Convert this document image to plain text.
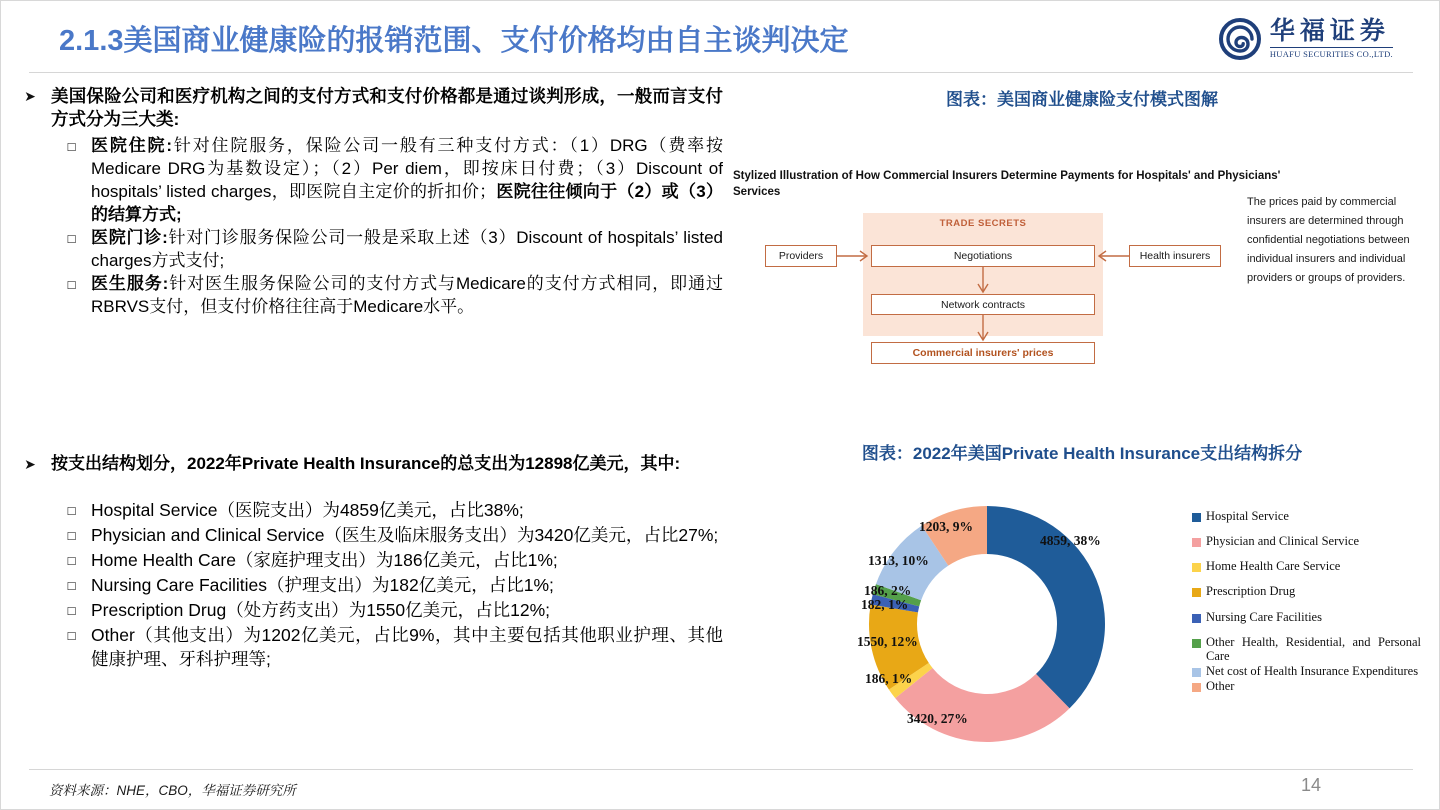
2.1.3美国商业健康险的报销范围、支付价格均由自主谈判决定	华福证券
HUAFU SECURITIES CO.,LTD.
➤ 美国保险公司和医疗机构之间的支付方式和支付价格都是通过谈判形成，一般而言支付方式分为三大类:
□ 医院住院:针对住院服务，保险公司一般有三种支付方式：（1）DRG（费率按Medicare DRG为基数设定）；（2）Per diem，即按床日付费；（3）Discount of hospitals’ listed charges，即医院自主定价的折扣价；医院往往倾向于（2）或（3）的结算方式;
□ 医院门诊:针对门诊服务保险公司一般是采取上述（3）Discount of hospitals’ listed charges方式支付;
□ 医生服务:针对医生服务保险公司的支付方式与Medicare的支付方式相同，即通过RBRVS支付，但支付价格往往高于Medicare水平。
➤ 按支出结构划分，2022年Private Health Insurance的总支出为12898亿美元，其中:
□ Hospital Service（医院支出）为4859亿美元，占比38%;
□ Physician and Clinical Service（医生及临床服务支出）为3420亿美元，占比27%;
□ Home Health Care（家庭护理支出）为186亿美元，占比1%;
□ Nursing Care Facilities（护理支出）为182亿美元，占比1%;
□ Prescription Drug（处方药支出）为1550亿美元，占比12%;
□ Other（其他支出）为1202亿美元，占比9%，其中主要包括其他职业护理、其他健康护理、牙科护理等;
图表：美国商业健康险支付模式图解
Stylized Illustration of How Commercial Insurers Determine Payments for Hospitals' and Physicians' Services
TRADE SECRETS
Providers	Health insurers
Negotiations
Network contracts
Commercial insurers' prices
The prices paid by commercial insurers are determined through confidential negotiations between individual insurers and individual providers or groups of providers.
图表：2022年美国Private Health Insurance支出结构拆分
4859, 38%
3420, 27%
186, 1%
1550, 12%
182, 1%
186, 2%
1313, 10%
1203, 9%
Hospital Service
Physician and Clinical Service
Home Health Care Service
Prescription Drug
Nursing Care Facilities
Other Health, Residential, and Personal Care
Net cost of Health Insurance Expenditures
Other
资料来源：NHE，CBO，华福证券研究所	14
